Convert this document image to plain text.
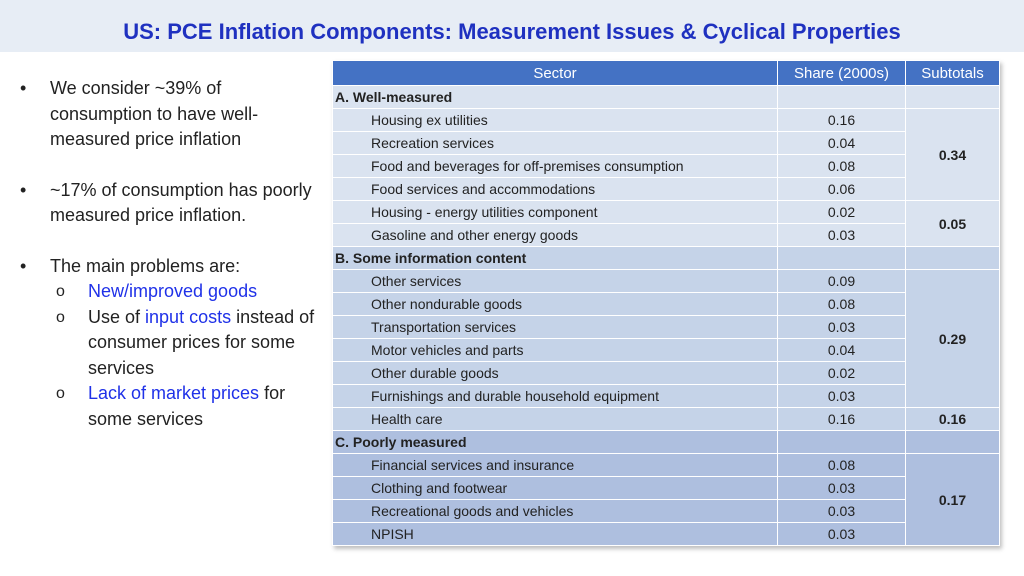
US: PCE Inflation Components: Measurement Issues & Cyclical Properties
•	We consider ~39% of consumption to have well-measured price inflation
•	~17% of consumption has poorly measured price inflation.
•	The main problems are:
o	New/improved goods
o	Use of input costs instead of consumer prices for some services
o	Lack of market prices for some services
Sector	Share (2000s)	Subtotals
A. Well-measured		
Housing ex utilities	0.16	0.34
Recreation services	0.04	
Food and beverages for off-premises consumption	0.08	
Food services and accommodations	0.06	
Housing - energy utilities component	0.02	0.05
Gasoline and other energy goods	0.03	
B. Some information content		
Other services	0.09	0.29
Other nondurable goods	0.08	
Transportation services	0.03	
Motor vehicles and parts	0.04	
Other durable goods	0.02	
Furnishings and durable household equipment	0.03	
Health care	0.16	0.16
C. Poorly measured		
Financial services and insurance	0.08	0.17
Clothing and footwear	0.03	
Recreational goods and vehicles	0.03	
NPISH	0.03	
